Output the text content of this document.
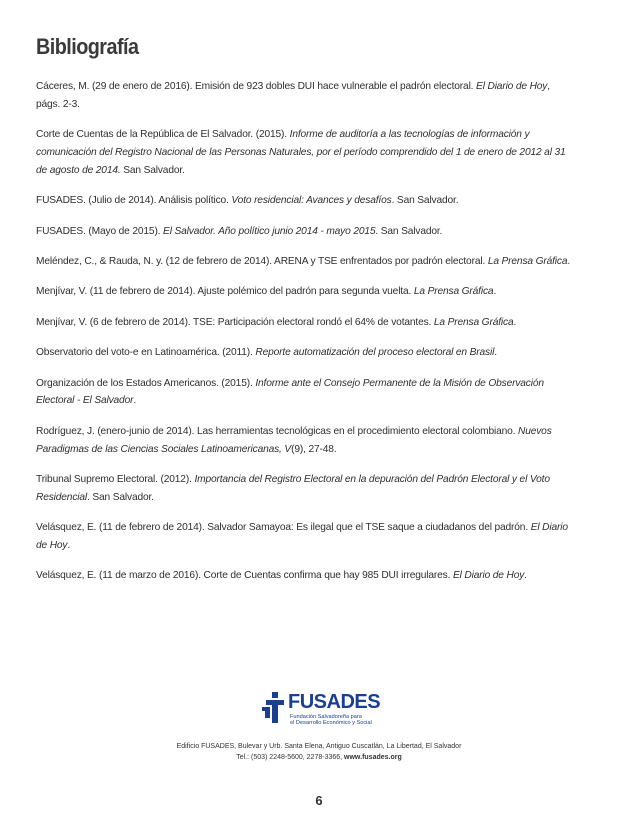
Bibliografía

Cáceres, M. (29 de enero de 2016). Emisión de 923 dobles DUI hace vulnerable el padrón electoral. El Diario de Hoy, págs. 2-3.

Corte de Cuentas de la República de El Salvador. (2015). Informe de auditoría a las tecnologías de información y comunicación del Registro Nacional de las Personas Naturales, por el período comprendido del 1 de enero de 2012 al 31 de agosto de 2014. San Salvador.

FUSADES. (Julio de 2014). Análisis político. Voto residencial: Avances y desafíos. San Salvador.

FUSADES. (Mayo de 2015). El Salvador. Año político junio 2014 - mayo 2015. San Salvador.

Meléndez, C., & Rauda, N. y. (12 de febrero de 2014). ARENA y TSE enfrentados por padrón electoral. La Prensa Gráfica.

Menjívar, V. (11 de febrero de 2014). Ajuste polémico del padrón para segunda vuelta. La Prensa Gráfica.

Menjívar, V. (6 de febrero de 2014). TSE: Participación electoral rondó el 64% de votantes. La Prensa Gráfica.

Observatorio del voto-e en Latinoamérica. (2011). Reporte automatización del proceso electoral en Brasil.

Organización de los Estados Americanos. (2015). Informe ante el Consejo Permanente de la Misión de Observación Electoral - El Salvador.

Rodríguez, J. (enero-junio de 2014). Las herramientas tecnológicas en el procedimiento electoral colombiano. Nuevos Paradigmas de las Ciencias Sociales Latinoamericanas, V(9), 27-48.

Tribunal Supremo Electoral. (2012). Importancia del Registro Electoral en la depuración del Padrón Electoral y el Voto Residencial. San Salvador.

Velásquez, E. (11 de febrero de 2014). Salvador Samayoa: Es ilegal que el TSE saque a ciudadanos del padrón. El Diario de Hoy.

Velásquez, E. (11 de marzo de 2016). Corte de Cuentas confirma que hay 985 DUI irregulares. El Diario de Hoy.

FUSADES
Fundación Salvadoreña para
el Desarrollo Económico y Social
Edificio FUSADES, Bulevar y Urb. Santa Elena, Antiguo Cuscatlán, La Libertad, El Salvador
Tel.: (503) 2248-5600, 2278-3366, www.fusades.org
6
